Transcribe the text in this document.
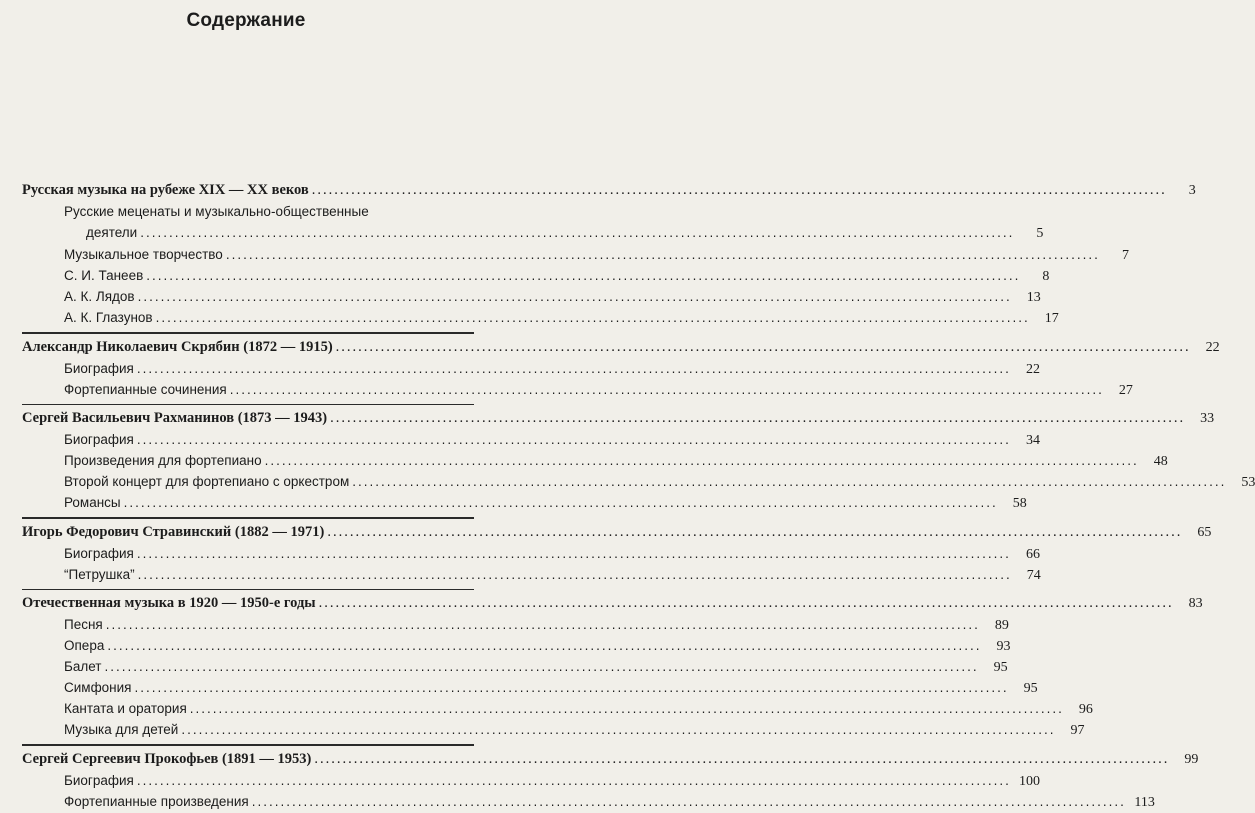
Содержание
Русская музыка на рубеже XIX — XX веков .....	3
Русские меценаты и музыкально-общественные
деятели .....	5
Музыкальное творчество .....	7
С. И. Танеев .....	8
А. К. Лядов .....	13
А. К. Глазунов .....	17
Александр Николаевич Скрябин (1872 — 1915) .....	22
Биография .....	22
Фортепианные сочинения .....	27
Сергей Васильевич Рахманинов (1873 — 1943) .....	33
Биография .....	34
Произведения для фортепиано .....	48
Второй концерт для фортепиано с оркестром .....	53
Романсы .....	58
Игорь Федорович Стравинский (1882 — 1971) .....	65
Биография .....	66
“Петрушка” .....	74
Отечественная музыка в 1920 — 1950-е годы .....	83
Песня .....	89
Опера .....	93
Балет .....	95
Симфония .....	95
Кантата и оратория .....	96
Музыка для детей .....	97
Сергей Сергеевич Прокофьев (1891 — 1953) .....	99
Биография .....	100
Фортепианные произведения .....	113
